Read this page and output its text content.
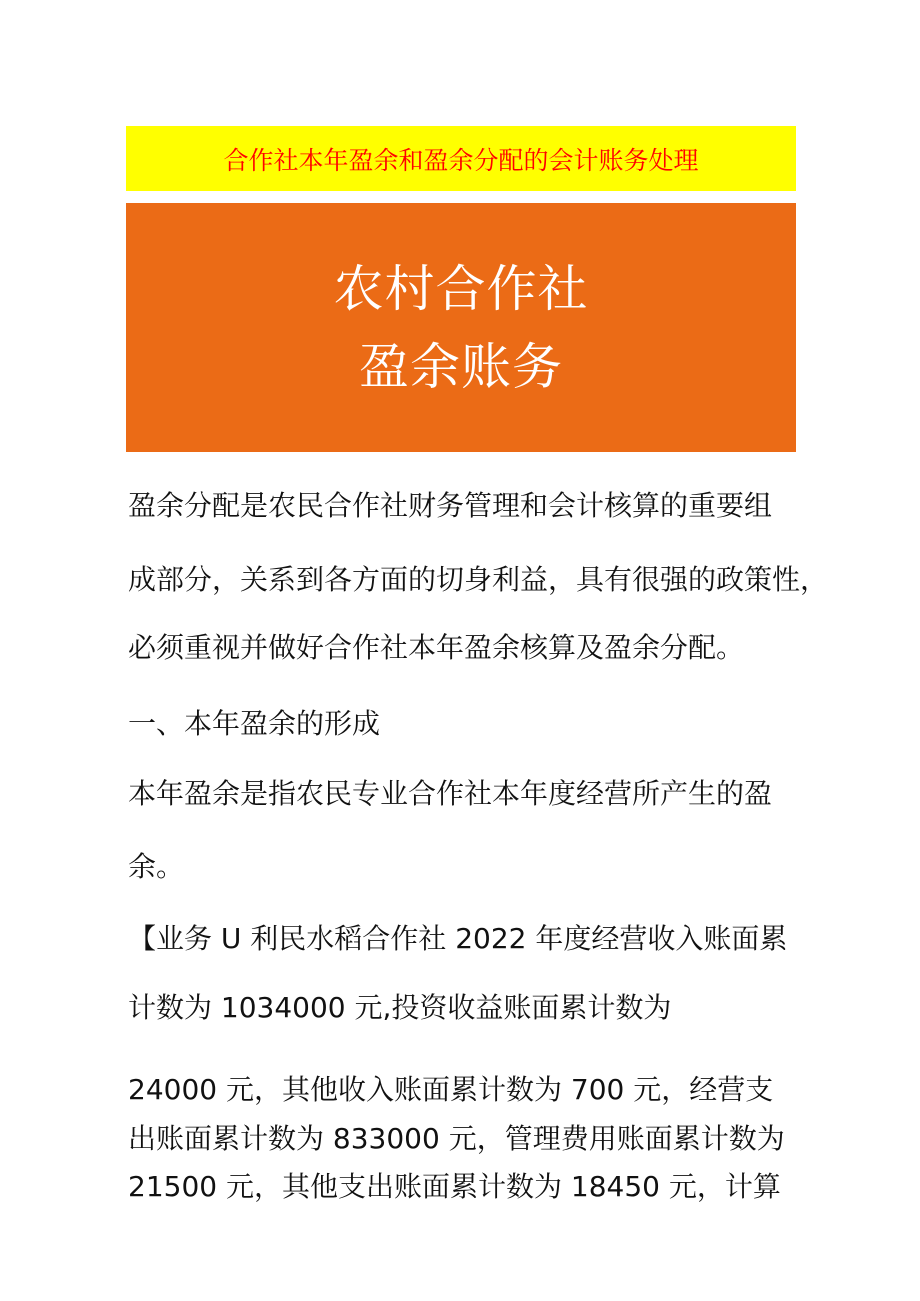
合作社本年盈余和盈余分配的会计账务处理
农村合作社
盈余账务
盈余分配是农民合作社财务管理和会计核算的重要组
成部分，关系到各方面的切身利益，具有很强的政策性，
必须重视并做好合作社本年盈余核算及盈余分配。
一、本年盈余的形成
本年盈余是指农民专业合作社本年度经营所产生的盈
余。
【业务 U 利民水稻合作社 2022 年度经营收入账面累
计数为 1034000 元,投资收益账面累计数为
24000 元，其他收入账面累计数为 700 元，经营支
出账面累计数为 833000 元，管理费用账面累计数为
21500 元，其他支出账面累计数为 18450 元，计算
